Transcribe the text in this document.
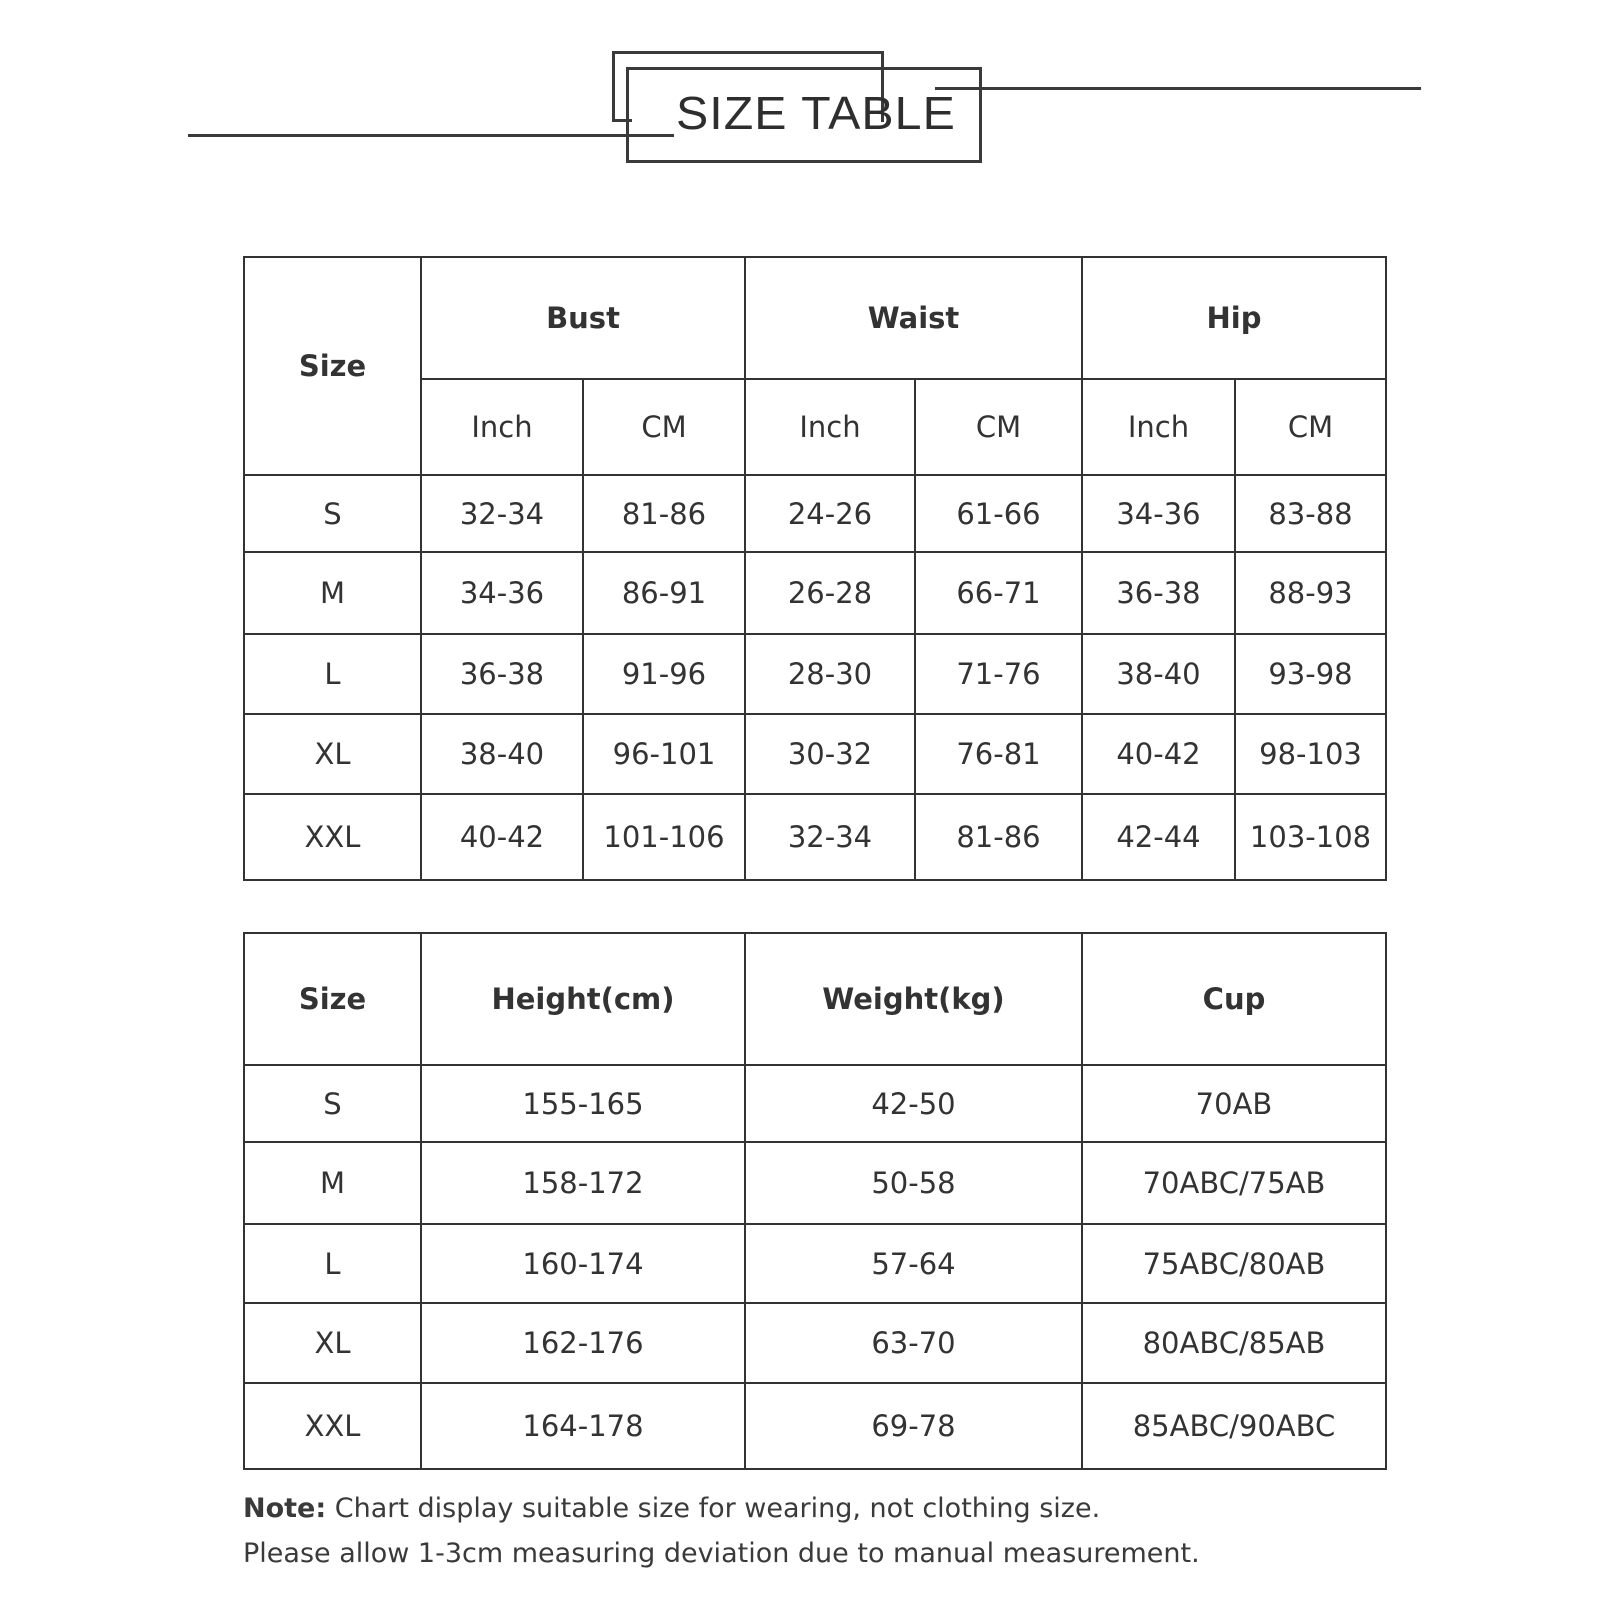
SIZE TABLE
Size	Bust		Waist		Hip	
	Inch	CM	Inch	CM	Inch	CM
S	32-34	81-86	24-26	61-66	34-36	83-88
M	34-36	86-91	26-28	66-71	36-38	88-93
L	36-38	91-96	28-30	71-76	38-40	93-98
XL	38-40	96-101	30-32	76-81	40-42	98-103
XXL	40-42	101-106	32-34	81-86	42-44	103-108
Size	Height(cm)	Weight(kg)	Cup
S	155-165	42-50	70AB
M	158-172	50-58	70ABC/75AB
L	160-174	57-64	75ABC/80AB
XL	162-176	63-70	80ABC/85AB
XXL	164-178	69-78	85ABC/90ABC
Note: Chart display suitable size for wearing, not clothing size.
Please allow 1-3cm measuring deviation due to manual measurement.
